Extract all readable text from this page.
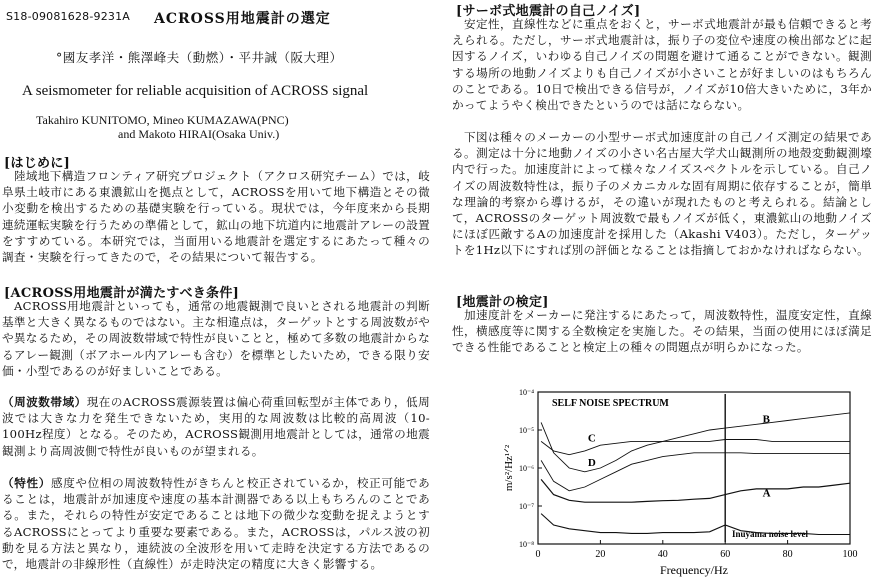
S18-09081628-9231A ACROSS用地震計の選定
°國友孝洋・熊澤峰夫（動燃）・平井誠（阪大理）
A seismometer for reliable acquisition of ACROSS signal
Takahiro KUNITOMO, Mineo KUMAZAWA(PNC)
and Makoto HIRAI(Osaka Univ.)
[はじめに]

陸域地下構造フロンティア研究プロジェクト（アクロス研究チーム）では，岐阜県土岐市にある東濃鉱山を拠点として，ACROSSを用いて地下構造とその微小変動を検出するための基礎実験を行っている。現状では，今年度来から長期連続運転実験を行うための準備として，鉱山の地下坑道内に地震計アレーの設置をすすめている。本研究では，当面用いる地震計を選定するにあたって種々の調査・実験を行ってきたので，その結果について報告する。

[ACROSS用地震計が満たすべき条件]

ACROSS用地震計といっても，通常の地震観測で良いとされる地震計の判断基準と大きく異なるものではない。主な相違点は，ターゲットとする周波数がやや異なるため，その周波数帯域で特性が良いことと，極めて多数の地震計からなるアレー観測（ボアホール内アレーも含む）を標準としたいため，できる限り安価・小型であるのが好ましいことである。

（周波数帯域）現在のACROSS震源装置は偏心荷重回転型が主体であり，低周波では大きな力を発生できないため，実用的な周波数は比較的高周波（10-100Hz程度）となる。そのため，ACROSS観測用地震計としては，通常の地震観測より高周波側で特性が良いものが望まれる。

（特性）感度や位相の周波数特性がきちんと校正されているか，校正可能であることは，地震計が加速度や速度の基本計測器である以上もちろんのことである。また，それらの特性が安定であることは地下の微少な変動を捉えようとするACROSSにとってより重要な要素である。また，ACROSSは，パルス波の初動を見る方法と異なり，連続波の全波形を用いて走時を決定する方法であるので，地震計の非線形性（直線性）が走時決定の精度に大きく影響する。

[サーボ式地震計の自己ノイズ]

安定性，直線性などに重点をおくと，サーボ式地震計が最も信頼できると考えられる。ただし，サーボ式地震計は，振り子の変位や速度の検出部などに起因するノイズ，いわゆる自己ノイズの問題を避けて通ることができない。観測する場所の地動ノイズよりも自己ノイズが小さいことが好ましいのはもちろんのことである。10日で検出できる信号が，ノイズが10倍大きいために，3年かかってようやく検出できたというのでは話にならない。

下図は種々のメーカーの小型サーボ式加速度計の自己ノイズ測定の結果である。測定は十分に地動ノイズの小さい名古屋大学犬山観測所の地殻変動観測壕内で行った。加速度計によって様々なノイズスペクトルを示している。自己ノイズの周波数特性は，振り子のメカニカルな固有周期に依存することが，簡単な理論的考察から導けるが，その違いが現れたものと考えられる。結論として，ACROSSのターゲット周波数で最もノイズが低く，東濃鉱山の地動ノイズにほぼ匹敵するAの加速度計を採用した（Akashi V403）。ただし，ターゲットを1Hz以下にすれば別の評価となることは指摘しておかなければならない。

[地震計の検定]

加速度計をメーカーに発注するにあたって，周波数特性，温度安定性，直線性，横感度等に関する全数検定を実施した。その結果，当面の使用にほぼ満足できる性能であることと検定上の種々の問題点が明らかになった。

SELF NOISE SPECTRUM
Inuyama noise level
Frequency/Hz
m/s²/Hz¹ᐟ²
0	20	40	60	80	100
10⁻⁴
10⁻⁵
10⁻⁶
10⁻⁷
10⁻⁸
A
B
C
D
